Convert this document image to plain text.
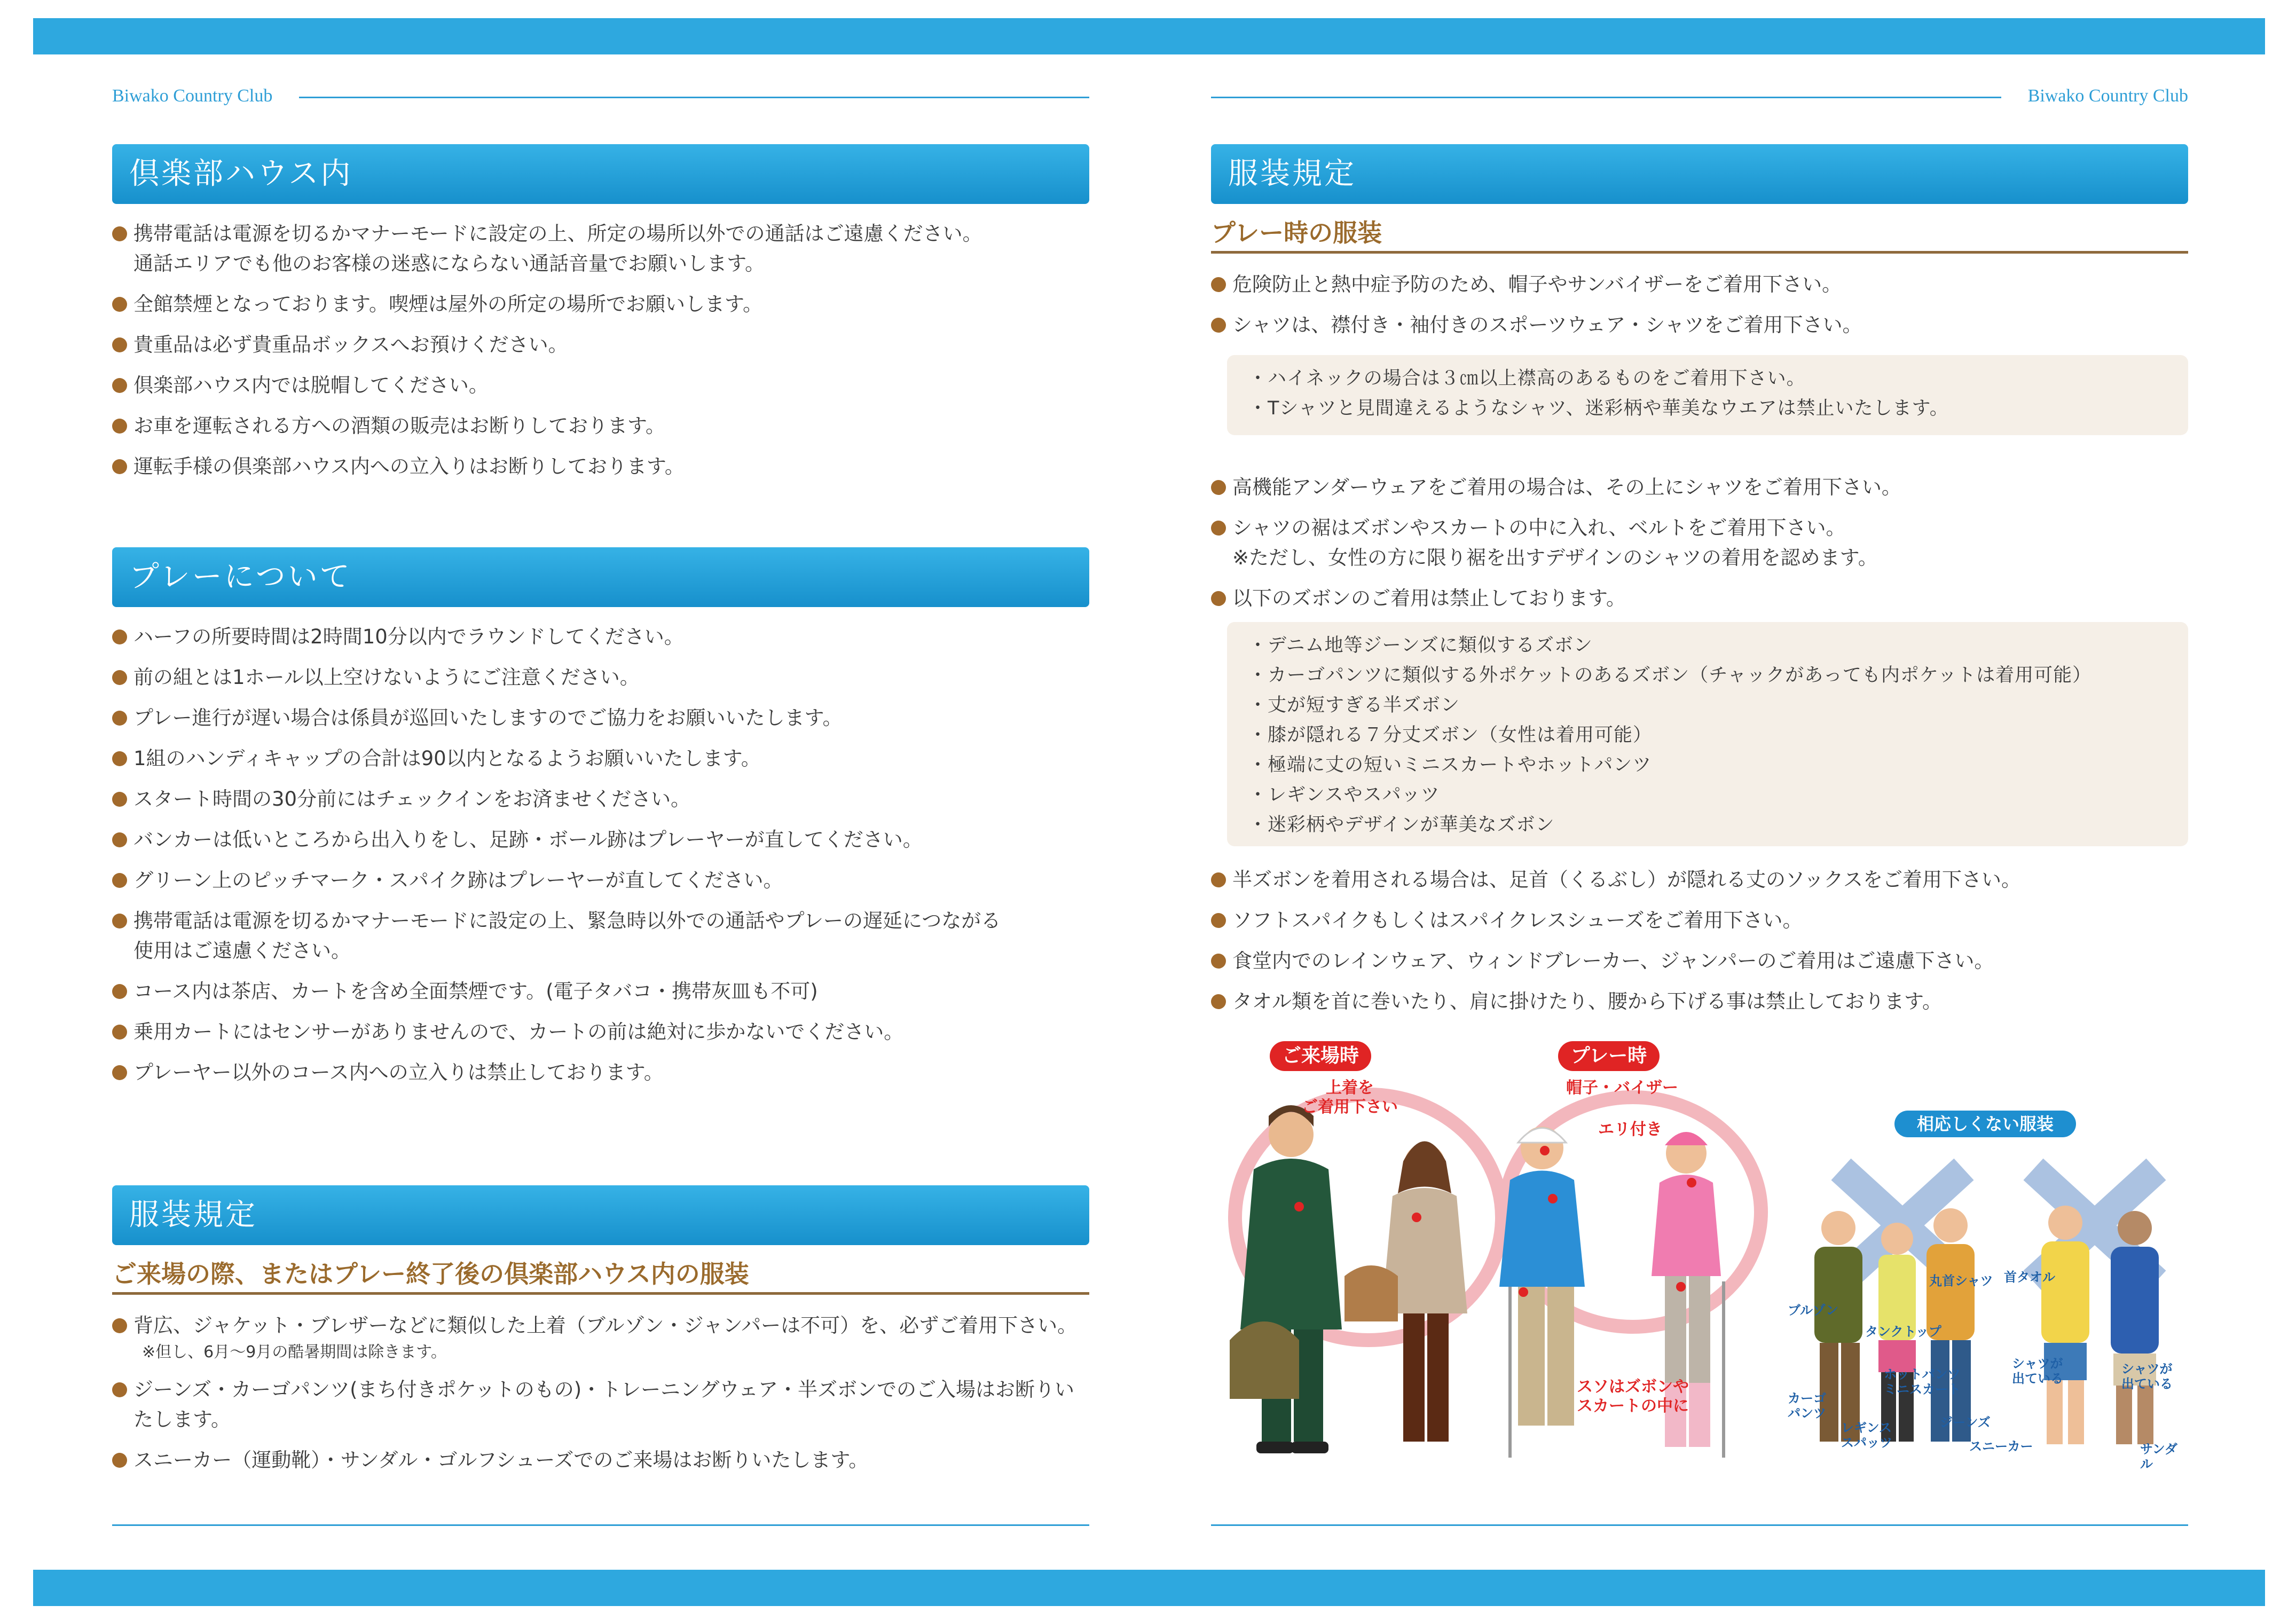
Biwako Country Club
倶楽部ハウス内
携帯電話は電源を切るかマナーモードに設定の上、所定の場所以外での通話はご遠慮ください。
通話エリアでも他のお客様の迷惑にならない通話音量でお願いします。
全館禁煙となっております。喫煙は屋外の所定の場所でお願いします。
貴重品は必ず貴重品ボックスへお預けください。
倶楽部ハウス内では脱帽してください。
お車を運転される方への酒類の販売はお断りしております。
運転手様の倶楽部ハウス内への立入りはお断りしております。
プレーについて
ハーフの所要時間は2時間10分以内でラウンドしてください。
前の組とは1ホール以上空けないようにご注意ください。
プレー進行が遅い場合は係員が巡回いたしますのでご協力をお願いいたします。
1組のハンディキャップの合計は90以内となるようお願いいたします。
スタート時間の30分前にはチェックインをお済ませください。
バンカーは低いところから出入りをし、足跡・ボール跡はプレーヤーが直してください。
グリーン上のピッチマーク・スパイク跡はプレーヤーが直してください。
携帯電話は電源を切るかマナーモードに設定の上、緊急時以外での通話やプレーの遅延につながる
使用はご遠慮ください。
コース内は茶店、カートを含め全面禁煙です。(電子タバコ・携帯灰皿も不可)
乗用カートにはセンサーがありませんので、カートの前は絶対に歩かないでください。
プレーヤー以外のコース内への立入りは禁止しております。
服装規定
ご来場の際、またはプレー終了後の倶楽部ハウス内の服装
背広、ジャケット・ブレザーなどに類似した上着（ブルゾン・ジャンパーは不可）を、必ずご着用下さい。
※但し、6月〜9月の酷暑期間は除きます。
ジーンズ・カーゴパンツ(まち付きポケットのもの)・トレーニングウェア・半ズボンでのご入場はお断りいたします。
スニーカー（運動靴）・サンダル・ゴルフシューズでのご来場はお断りいたします。
Biwako Country Club
服装規定
プレー時の服装
危険防止と熱中症予防のため、帽子やサンバイザーをご着用下さい。
シャツは、襟付き・袖付きのスポーツウェア・シャツをご着用下さい。
・ハイネックの場合は３㎝以上襟高のあるものをご着用下さい。
・Tシャツと見間違えるようなシャツ、迷彩柄や華美なウエアは禁止いたします。
高機能アンダーウェアをご着用の場合は、その上にシャツをご着用下さい。
シャツの裾はズボンやスカートの中に入れ、ベルトをご着用下さい。
※ただし、女性の方に限り裾を出すデザインのシャツの着用を認めます。
以下のズボンのご着用は禁止しております。
・デニム地等ジーンズに類似するズボン
・カーゴパンツに類似する外ポケットのあるズボン（チャックがあっても内ポケットは着用可能）
・丈が短すぎる半ズボン
・膝が隠れる７分丈ズボン（女性は着用可能）
・極端に丈の短いミニスカートやホットパンツ
・レギンスやスパッツ
・迷彩柄やデザインが華美なズボン
半ズボンを着用される場合は、足首（くるぶし）が隠れる丈のソックスをご着用下さい。
ソフトスパイクもしくはスパイクレスシューズをご着用下さい。
食堂内でのレインウェア、ウィンドブレーカー、ジャンパーのご着用はご遠慮下さい。
タオル類を首に巻いたり、肩に掛けたり、腰から下げる事は禁止しております。
ご来場時	プレー時
相応しくない服装
上着を
ご着用下さい
帽子・バイザー
エリ付き
スソはズボンや
スカートの中に
ブルゾン
タンクトップ
丸首シャツ 首タオル
カーゴ
パンツ
ホットパンツ
ミニスカート
レギンス
スパッツ
ジーンズ
スニーカー
シャツが
出ている
シャツが
出ている
サンダル
